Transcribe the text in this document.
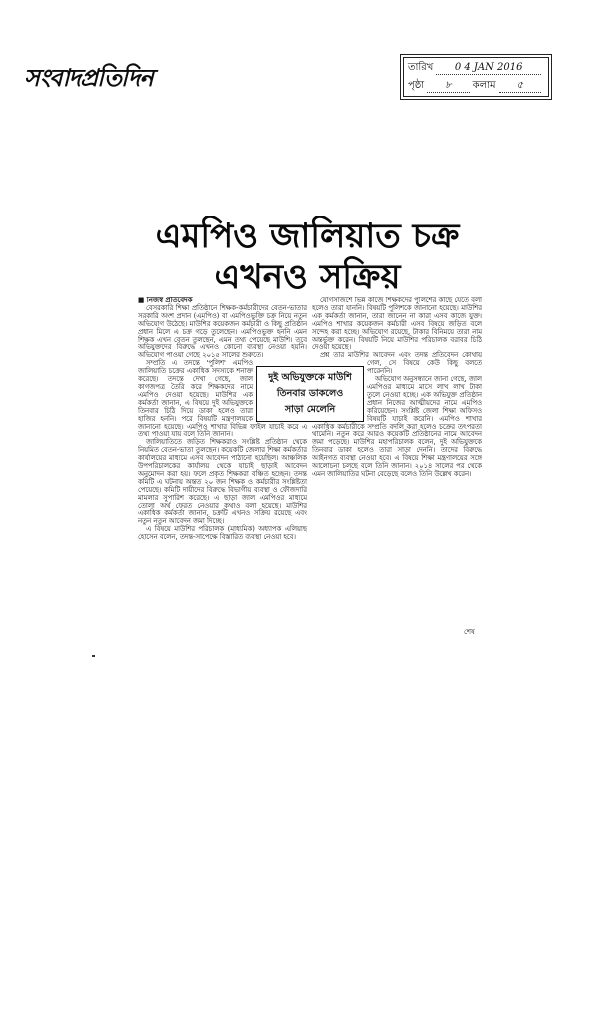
সংবাদপ্রতিদিন	তারিখ	0 4 JAN 2016
পৃষ্ঠা	৮	কলাম	৫
এমপিও জালিয়াত চক্র
এখনও সক্রিয়

■ নিজস্ব প্রতিবেদক

বেসরকারি শিক্ষা প্রতিষ্ঠানে শিক্ষক-কর্মচারীদের বেতন-ভাতার সরকারি অংশ প্রদান (এমপিও) বা এমপিওভুক্তি চক্র নিয়ে নতুন অভিযোগ উঠেছে। মাউশির কয়েকজন কর্মচারী ও কিছু প্রতিষ্ঠান প্রধান মিলে এ চক্র গড়ে তুলেছেন। এমপিওভুক্ত হননি এমন শিক্ষক এখন বেতন তুলছেন, এমন তথ্য পেয়েছে মাউশি। তবে অভিযুক্তদের বিরুদ্ধে এখনও কোনো ব্যবস্থা নেওয়া হয়নি। অভিযোগ পাওয়া গেছে ২০১৫ সালের শুরুতে।

সম্প্রতি এ তদন্তে 'পুলিশ' এমপিও জালিয়াতি চক্রের একাধিক সদস্যকে শনাক্ত করেছে। তদন্তে দেখা গেছে, জাল কাগজপত্র তৈরি করে শিক্ষকদের নামে এমপিও দেওয়া হয়েছে। মাউশির এক কর্মকর্তা জানান, এ বিষয়ে দুই অভিযুক্তকে তিনবার চিঠি দিয়ে ডাকা হলেও তারা হাজির হননি। পরে বিষয়টি মন্ত্রণালয়কে জানানো হয়েছে। এমপিও শাখার বিভিন্ন ফাইল যাচাই করে এ তথ্য পাওয়া যায় বলে তিনি জানান।

জালিয়াতিতে জড়িত শিক্ষকরাও সংশ্লিষ্ট প্রতিষ্ঠান থেকে নিয়মিত বেতন-ভাতা তুলছেন। কয়েকটি জেলার শিক্ষা কর্মকর্তার কার্যালয়ের মাধ্যমে এসব আবেদন পাঠানো হয়েছিল। আঞ্চলিক উপপরিচালকের কার্যালয় থেকে যাচাই ছাড়াই আবেদন অনুমোদন করা হয়। ফলে প্রকৃত শিক্ষকরা বঞ্চিত হচ্ছেন। তদন্ত কমিটি এ ঘটনায় অন্তত ২০ জন শিক্ষক ও কর্মচারীর সংশ্লিষ্টতা পেয়েছে। কমিটি দায়ীদের বিরুদ্ধে বিভাগীয় ব্যবস্থা ও ফৌজদারি মামলার সুপারিশ করেছে। এ ছাড়া জাল এমপিওর মাধ্যমে তোলা অর্থ ফেরত নেওয়ার কথাও বলা হয়েছে। মাউশির একাধিক কর্মকর্তা জানান, চক্রটি এখনও সক্রিয় রয়েছে এবং নতুন নতুন আবেদন জমা দিচ্ছে।

এ বিষয়ে মাউশির পরিচালক (মাধ্যমিক) অধ্যাপক এলিয়াছ হোসেন বলেন, তদন্ত-সাপেক্ষে বিস্তারিত ব্যবস্থা নেওয়া হবে।

যোগসাজশে ভিন্ন কাজে শিক্ষকদের পুলিশের কাছে যেতে বলা হলেও তারা যাননি। বিষয়টি পুলিশকে জানানো হয়েছে। মাউশির এক কর্মকর্তা জানান, তারা জানেন না কারা এসব কাজে যুক্ত। এমপিও শাখার কয়েকজন কর্মচারী এসব বিষয়ে জড়িত বলে সন্দেহ করা হচ্ছে। অভিযোগ রয়েছে, টাকার বিনিময়ে তারা নাম অন্তর্ভুক্ত করেন। বিষয়টি নিয়ে মাউশির পরিচালক বরাবর চিঠি দেওয়া হয়েছে।

প্রশ্ন তার মাউশির আবেদন এবং তদন্ত প্রতিবেদন কোথায় গেল, সে বিষয়ে কেউ কিছু বলতে পারেননি।

অভিযোগ অনুসন্ধানে জানা গেছে, জাল এমপিওর মাধ্যমে মাসে লাখ লাখ টাকা তুলে নেওয়া হচ্ছে। এক অভিযুক্ত প্রতিষ্ঠান প্রধান নিজের আত্মীয়দের নামে এমপিও করিয়েছেন। সংশ্লিষ্ট জেলা শিক্ষা অফিসও বিষয়টি যাচাই করেনি। এমপিও শাখার একাধিক কর্মচারীকে সম্প্রতি বদলি করা হলেও চক্রের তৎপরতা থামেনি। নতুন করে আরও কয়েকটি প্রতিষ্ঠানের নামে আবেদন জমা পড়েছে। মাউশির মহাপরিচালক বলেন, দুই অভিযুক্তকে তিনবার ডাকা হলেও তারা সাড়া দেননি। তাদের বিরুদ্ধে আইনগত ব্যবস্থা নেওয়া হবে। এ বিষয়ে শিক্ষা মন্ত্রণালয়ের সঙ্গে আলোচনা চলছে বলে তিনি জানান। ২০১৪ সালের পর থেকে এমন জালিয়াতির ঘটনা বেড়েছে বলেও তিনি উল্লেখ করেন।

দুই অভিযুক্তকে মাউশি
তিনবার ডাকলেও
সাড়া মেলেনি
শেষ
